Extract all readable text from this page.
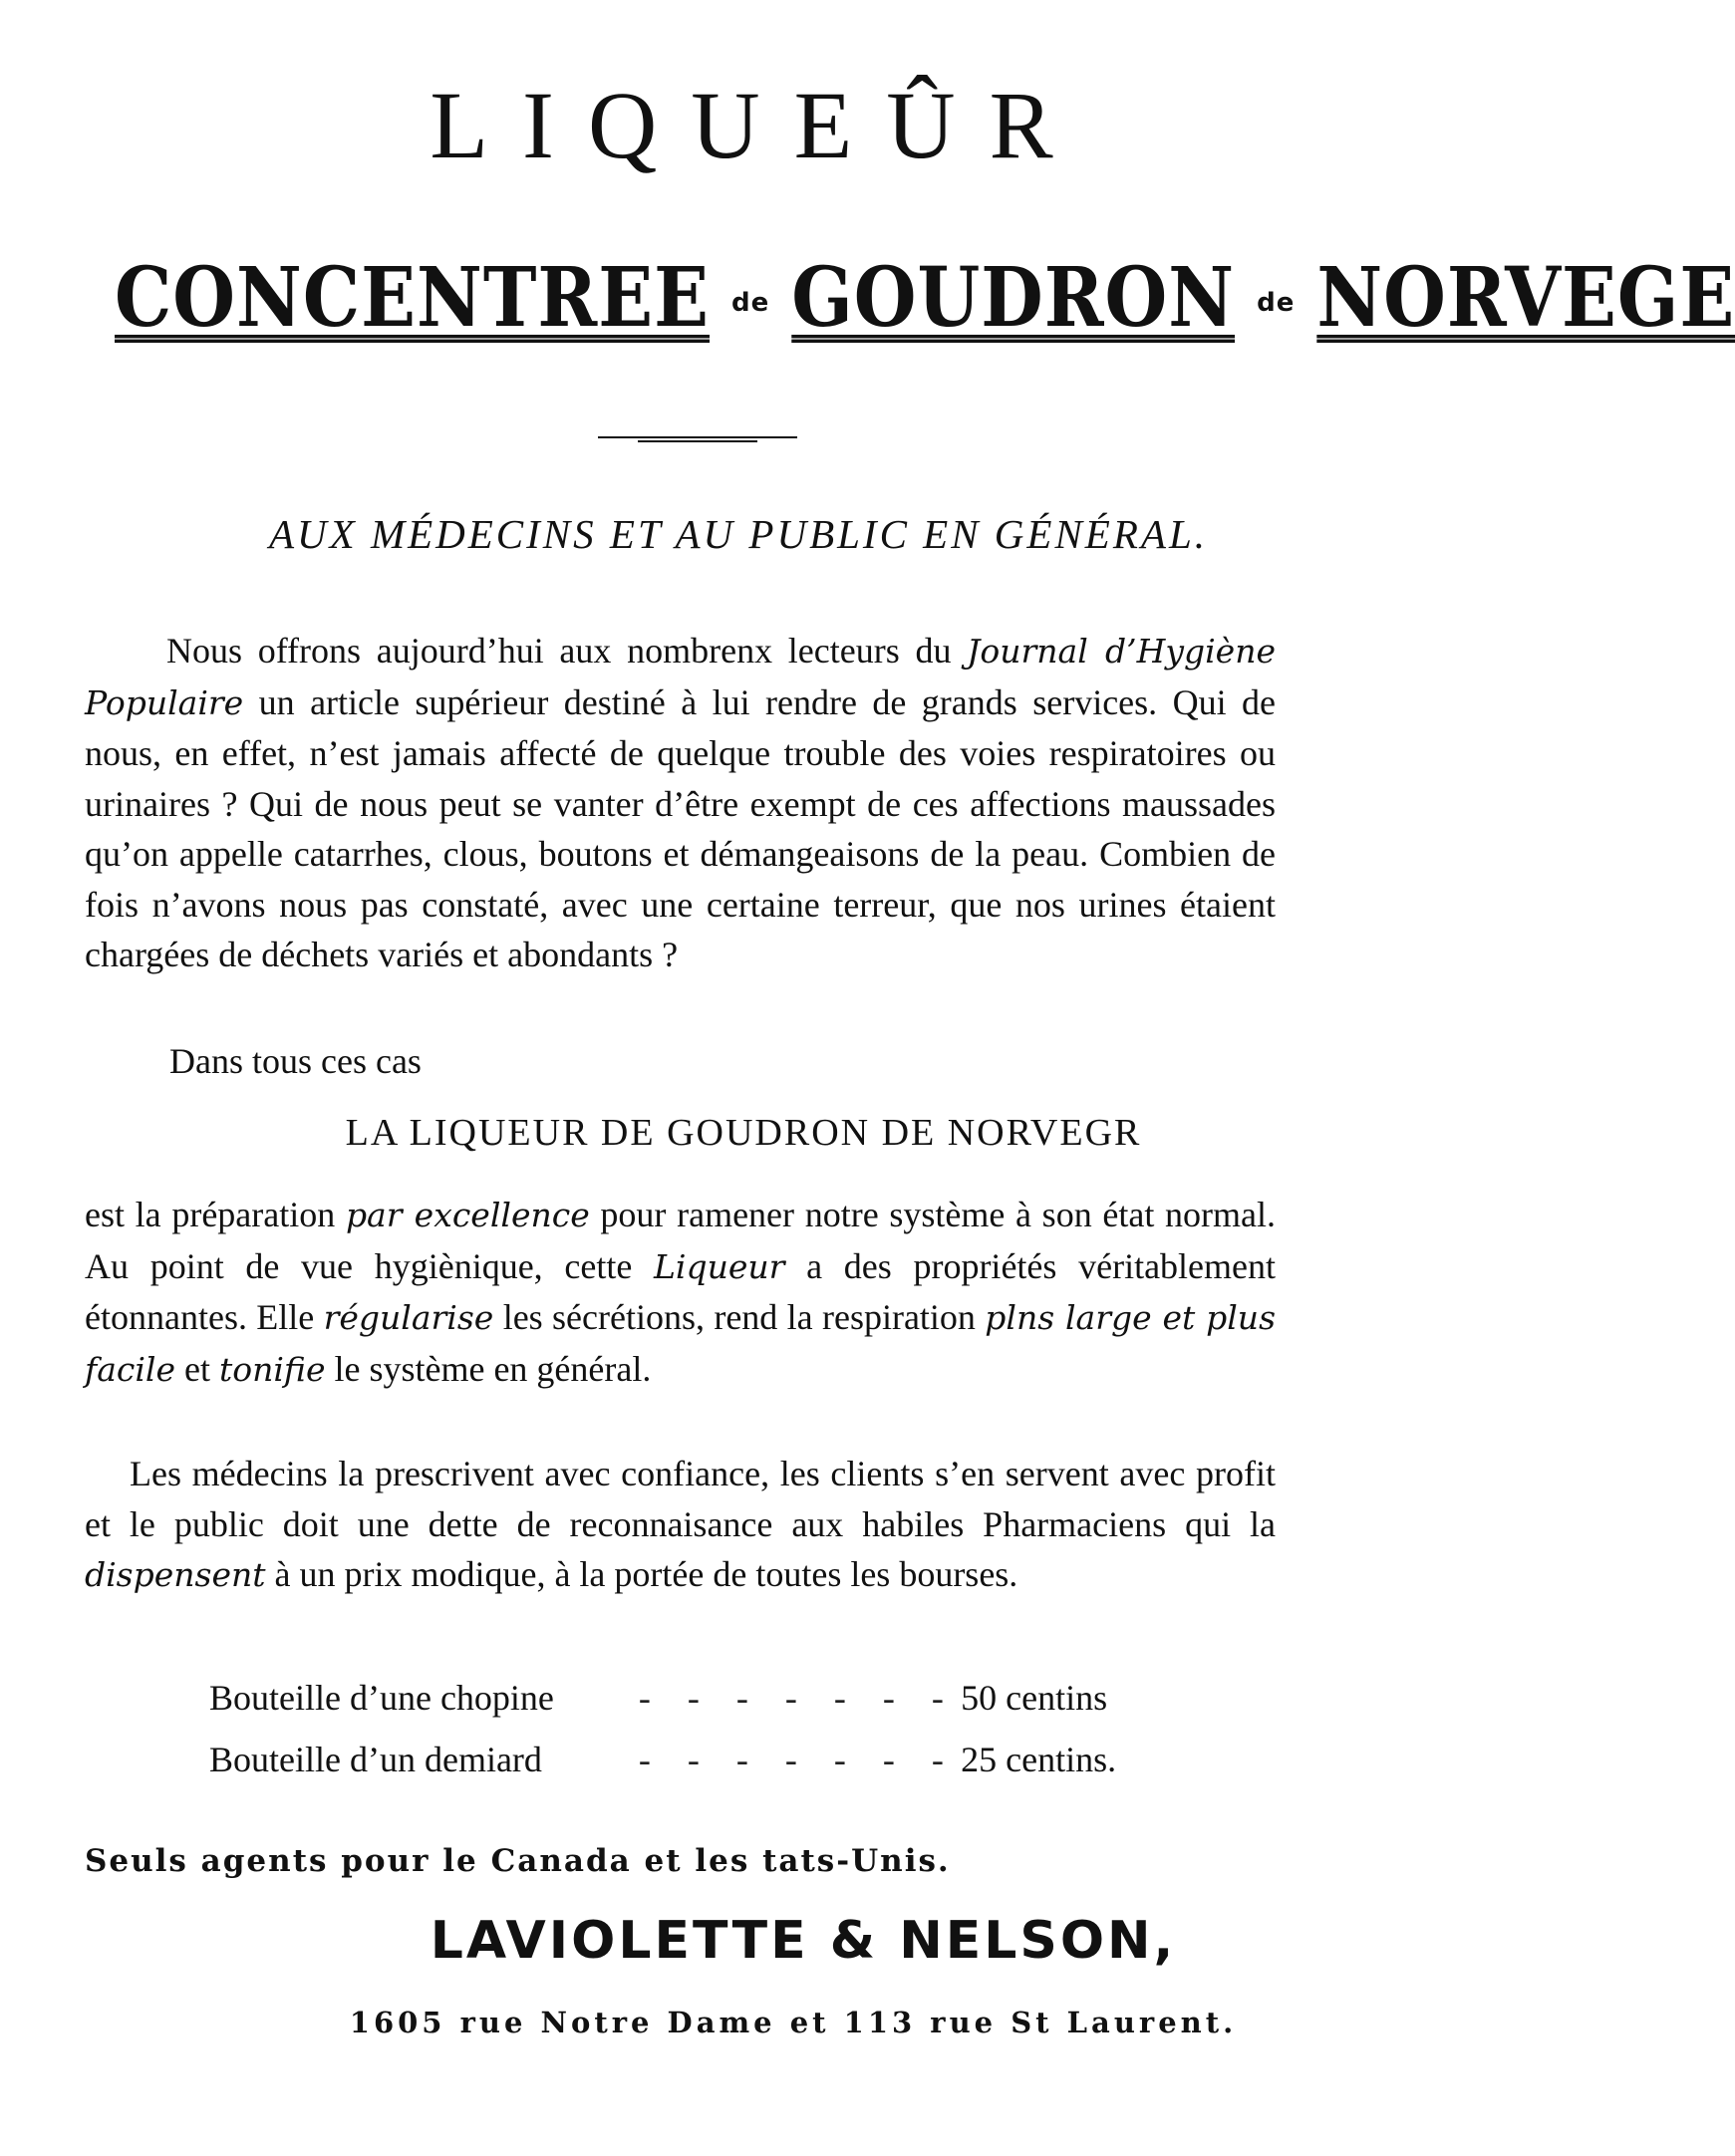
LIQUEÛR
CONCENTREE de GOUDRON de NORVEGE
AUX MÉDECINS ET AU PUBLIC EN GÉNÉRAL.
Nous offrons aujourd’hui aux nombrenx lecteurs du Journal d’Hygiène Populaire un article supérieur destiné à lui rendre de grands services. Qui de nous, en effet, n’est jamais affecté de quelque trouble des voies respiratoires ou urinaires ? Qui de nous peut se vanter d’être exempt de ces affections maussades qu’on appelle catarrhes, clous, boutons et démangeaisons de la peau. Combien de fois n’avons nous pas constaté, avec une certaine terreur, que nos urines étaient chargées de déchets variés et abondants ?
Dans tous ces cas
LA LIQUEUR DE GOUDRON DE NORVEGR
est la préparation par excellence pour ramener notre système à son état normal. Au point de vue hygiènique, cette Liqueur a des propriétés véritablement étonnantes. Elle régularise les sécrétions, rend la respiration plns large et plus facile et tonifie le système en général.
Les médecins la prescrivent avec confiance, les clients s’en servent avec profit et le public doit une dette de reconnaisance aux habiles Pharmaciens qui la dispensent à un prix modique, à la portée de toutes les bourses.
Bouteille d’une chopine	- - - - - - - 50 centins
Bouteille d’un demiard	- - - - - - - 25 centins.
Seuls agents pour le Canada et les tats-Unis.
LAVIOLETTE & NELSON,
1605 rue Notre Dame et 113 rue St Laurent.
